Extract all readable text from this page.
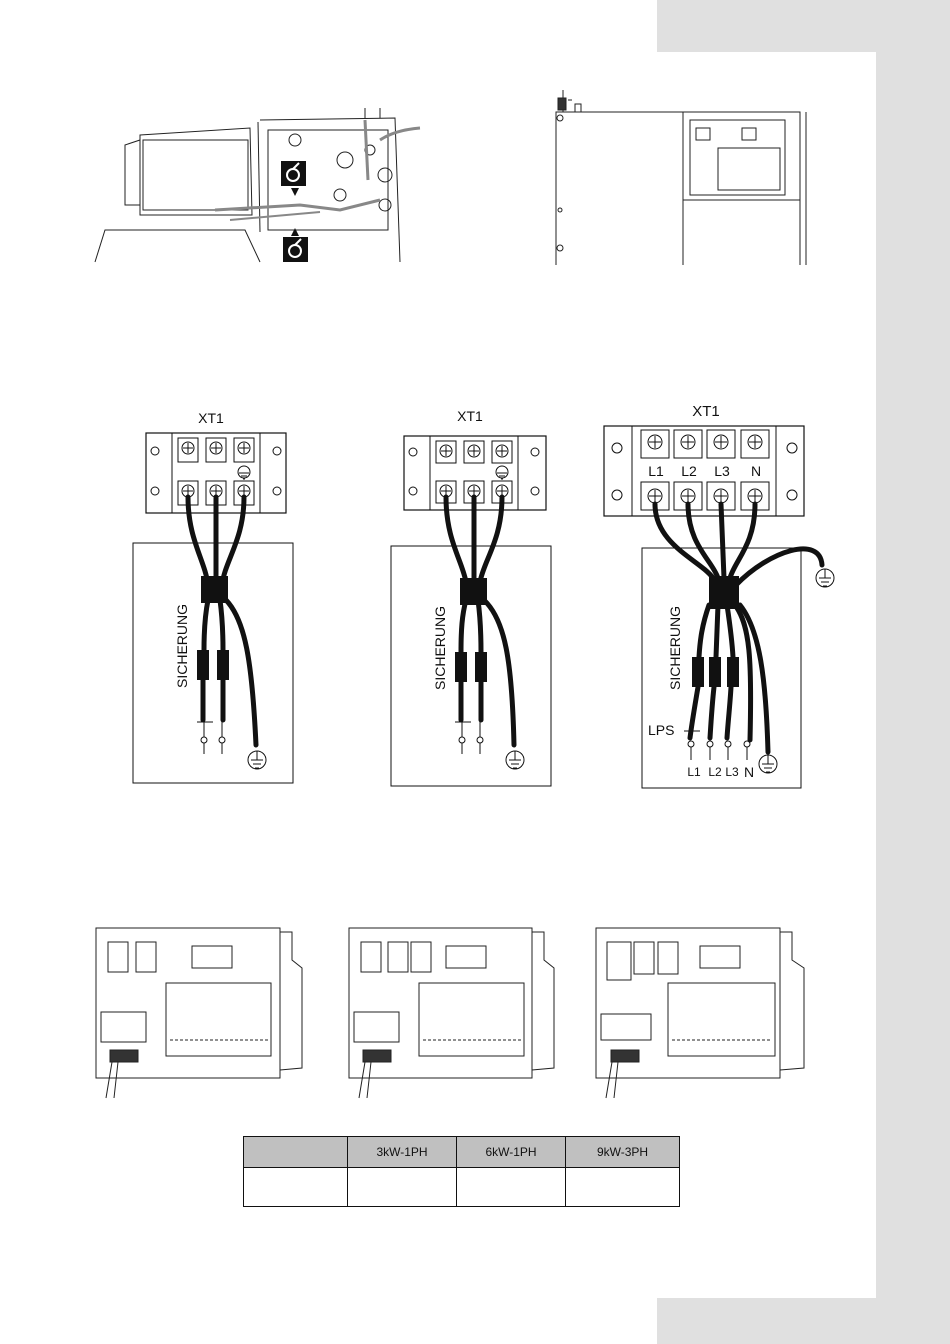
XT1
SICHERUNG
XT1
SICHERUNG
XT1
L1 L2 L3 N
SICHERUNG
LPS
L1 L2 L3 N
	3kW-1PH	6kW-1PH	9kW-3PH
